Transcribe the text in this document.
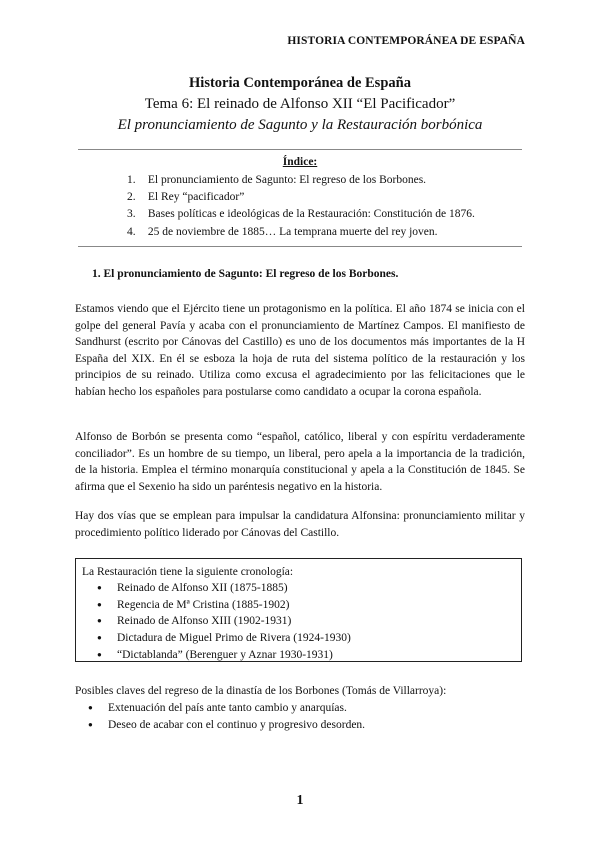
HISTORIA CONTEMPORÁNEA DE ESPAÑA
Historia Contemporánea de España
Tema 6: El reinado de Alfonso XII “El Pacificador”
El pronunciamiento de Sagunto y la Restauración borbónica
Índice:
1. El pronunciamiento de Sagunto: El regreso de los Borbones.
2. El Rey “pacificador”
3. Bases políticas e ideológicas de la Restauración: Constitución de 1876.
4. 25 de noviembre de 1885… La temprana muerte del rey joven.
1. El pronunciamiento de Sagunto: El regreso de los Borbones.

Estamos viendo que el Ejército tiene un protagonismo en la política. El año 1874 se inicia con el golpe del general Pavía y acaba con el pronunciamiento de Martínez Campos. El manifiesto de Sandhurst (escrito por Cánovas del Castillo) es uno de los documentos más importantes de la H España del XIX. En él se esboza la hoja de ruta del sistema político de la restauración y los principios de su reinado. Utiliza como excusa el agradecimiento por las felicitaciones que le habían hecho los españoles para postularse como candidato a ocupar la corona española.

Alfonso de Borbón se presenta como “español, católico, liberal y con espíritu verdaderamente conciliador”. Es un hombre de su tiempo, un liberal, pero apela a la importancia de la tradición, de la historia. Emplea el término monarquía constitucional y apela a la Constitución de 1845. Se afirma que el Sexenio ha sido un paréntesis negativo en la historia.

Hay dos vías que se emplean para impulsar la candidatura Alfonsina: pronunciamiento militar y procedimiento político liderado por Cánovas del Castillo.

La Restauración tiene la siguiente cronología:
● Reinado de Alfonso XII (1875-1885)
● Regencia de Mª Cristina (1885-1902)
● Reinado de Alfonso XIII (1902-1931)
● Dictadura de Miguel Primo de Rivera (1924-1930)
● “Dictablanda” (Berenguer y Aznar 1930-1931)
Posibles claves del regreso de la dinastía de los Borbones (Tomás de Villarroya):
● Extenuación del país ante tanto cambio y anarquías.
● Deseo de acabar con el continuo y progresivo desorden.
1
